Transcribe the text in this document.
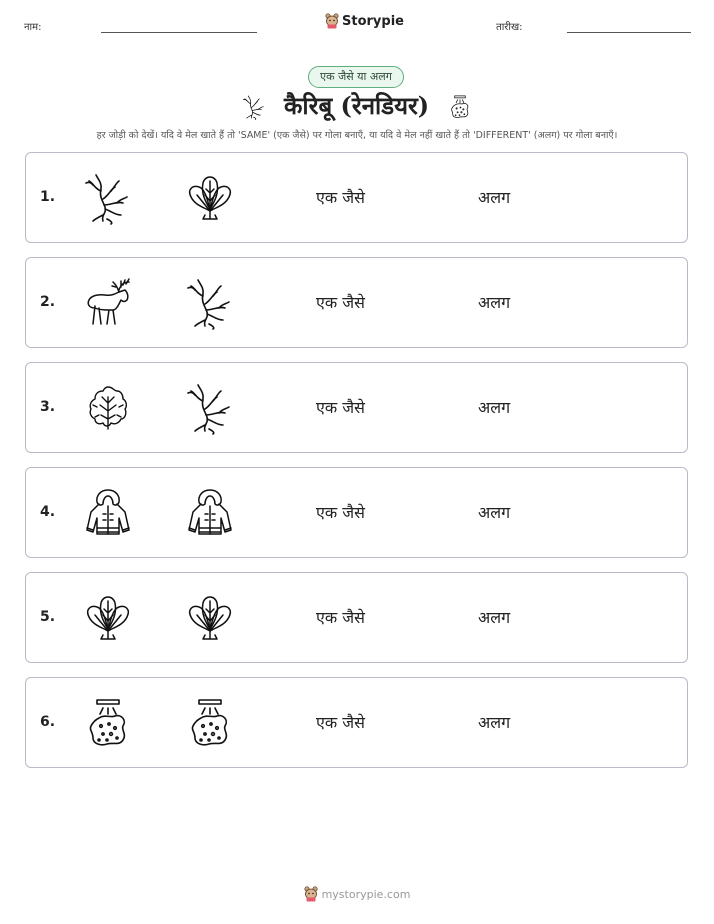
नाम:	Storypie	तारीख:
एक जैसे या अलग
कैरिबू (रेनडियर)
हर जोड़ी को देखें। यदि वे मेल खाते हैं तो 'SAME' (एक जैसे) पर गोला बनाएँ, या यदि वे मेल नहीं खाते हैं तो 'DIFFERENT' (अलग) पर गोला बनाएँ।
1.	एक जैसे	अलग
2.	एक जैसे	अलग
3.	एक जैसे	अलग
4.	एक जैसे	अलग
5.	एक जैसे	अलग
6.	एक जैसे	अलग
mystorypie.com
